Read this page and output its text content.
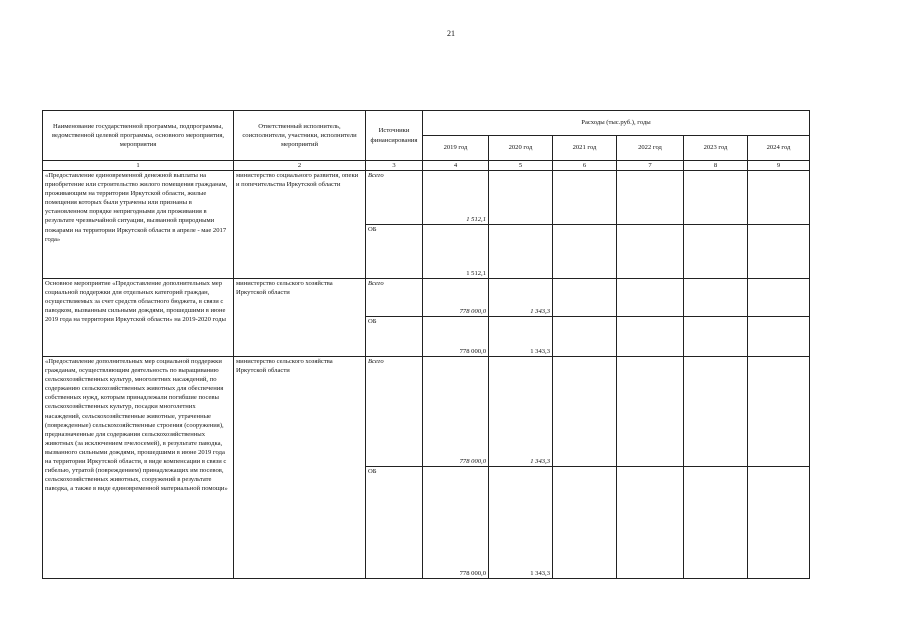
21
Наименование государственной программы, подпрограммы, ведомственной целевой программы, основного мероприятия, мероприятия	Ответственный исполнитель, соисполнители, участники, исполнители мероприятий	Источники финансирования	Расходы (тыс.руб.), годы					
			2019 год	2020 год	2021 год	2022 год	2023 год	2024 год
1	2	3	4	5	6	7	8	9
«Предоставление единовременной денежной выплаты на приобретение или строительство жилого помещения гражданам, проживающим на территории Иркутской области, жилые помещения которых были утрачены или признаны в установленном порядке непригодными для проживания в результате чрезвычайной ситуации, вызванной природными пожарами на территории Иркутской области в апреле - мае 2017 года»	министерство социального развития, опеки и попечительства Иркутской области	Всего	1 512,1					
		ОБ	1 512,1					
Основное мероприятие «Предоставление дополнительных мер социальной поддержки для отдельных категорий граждан, осуществляемых за счет средств областного бюджета, в связи с паводком, вызванным сильными дождями, прошедшими в июне 2019 года на территории Иркутской области» на 2019-2020 годы	министерство сельского хозяйства Иркутской области	Всего	778 000,0	1 343,3				
		ОБ	778 000,0	1 343,3				
«Предоставление дополнительных мер социальной поддержки гражданам, осуществляющим деятельность по выращиванию сельскохозяйственных культур, многолетних насаждений, по содержанию сельскохозяйственных животных для обеспечения собственных нужд, которым принадлежали погибшие посевы сельскохозяйственных культур, посадки многолетних насаждений, сельскохозяйственные животные, утраченные (поврежденные) сельскохозяйственные строения (сооружения), предназначенные для содержания сельскохозяйственных животных (за исключением пчелосемей), в результате паводка, вызванного сильными дождями, прошедшими в июне 2019 года на территории Иркутской области, в виде компенсации в связи с гибелью, утратой (повреждением) принадлежащих им посевов, сельскохозяйственных животных, сооружений в результате паводка, а также в виде единовременной материальной помощи»	министерство сельского хозяйства Иркутской области	Всего	778 000,0	1 343,3				
		ОБ	778 000,0	1 343,3				
